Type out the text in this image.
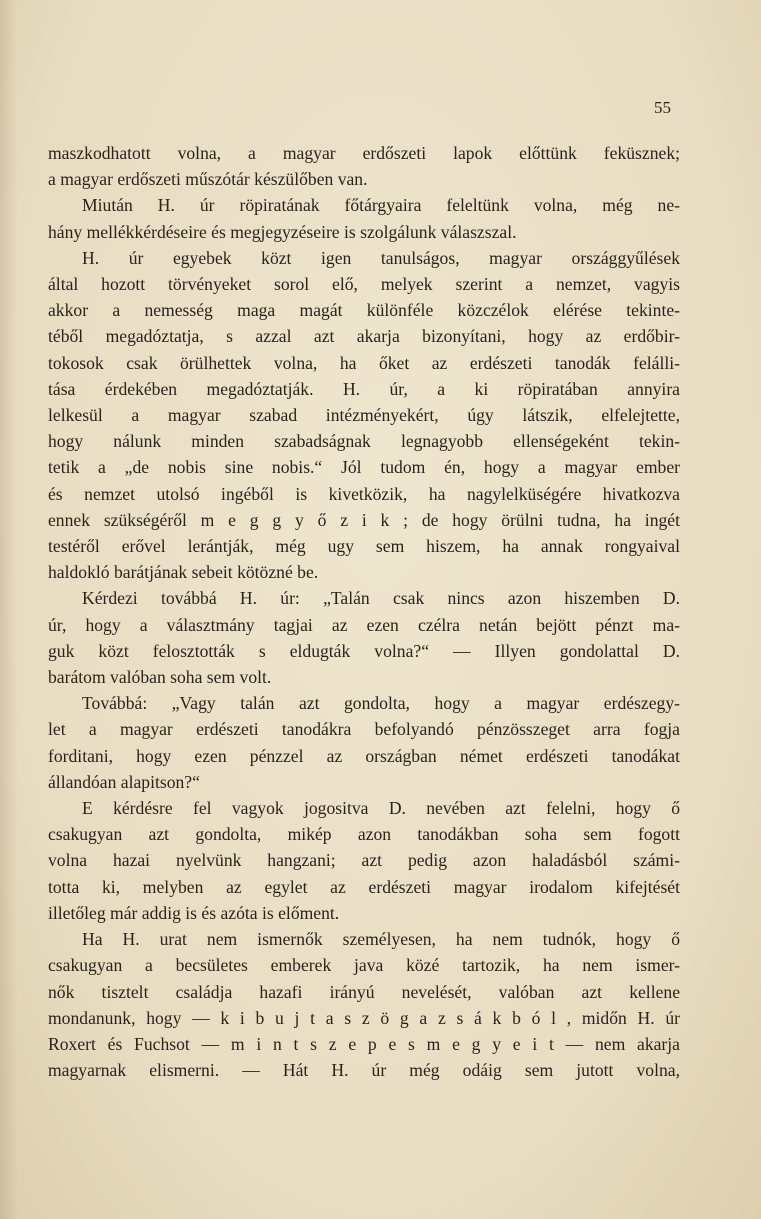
55
maszkodhatott volna, a magyar erdőszeti lapok előttünk feküsznek;
a magyar erdőszeti műszótár készülőben van.
Miután H. úr röpiratának főtárgyaira feleltünk volna, még ne-
hány mellékkérdéseire és megjegyzéseire is szolgálunk válaszszal.
H. úr egyebek közt igen tanulságos, magyar országgyűlések
által hozott törvényeket sorol elő, melyek szerint a nemzet, vagyis
akkor a nemesség maga magát különféle közczélok elérése tekinte-
téből megadóztatja, s azzal azt akarja bizonyítani, hogy az erdőbir-
tokosok csak örülhettek volna, ha őket az erdészeti tanodák felálli-
tása érdekében megadóztatják. H. úr, a ki röpiratában annyira
lelkesül a magyar szabad intézményekért, úgy látszik, elfelejtette,
hogy nálunk minden szabadságnak legnagyobb ellenségeként tekin-
tetik a „de nobis sine nobis.“ Jól tudom én, hogy a magyar ember
és nemzet utolsó ingéből is kivetközik, ha nagylelküségére hivatkozva
ennek szükségéről m e g g y ő z i k ; de hogy örülni tudna, ha ingét
testéről erővel lerántják, még ugy sem hiszem, ha annak rongyaival
haldokló barátjának sebeit kötözné be.
Kérdezi továbbá H. úr: „Talán csak nincs azon hiszemben D.
úr, hogy a választmány tagjai az ezen czélra netán bejött pénzt ma-
guk közt felosztották s eldugták volna?“ — Illyen gondolattal D.
barátom valóban soha sem volt.
Továbbá: „Vagy talán azt gondolta, hogy a magyar erdészegy-
let a magyar erdészeti tanodákra befolyandó pénzösszeget arra fogja
forditani, hogy ezen pénzzel az országban német erdészeti tanodákat
állandóan alapitson?“
E kérdésre fel vagyok jogositva D. nevében azt felelni, hogy ő
csakugyan azt gondolta, mikép azon tanodákban soha sem fogott
volna hazai nyelvünk hangzani; azt pedig azon haladásból számi-
totta ki, melyben az egylet az erdészeti magyar irodalom kifejtését
illetőleg már addig is és azóta is előment.
Ha H. urat nem ismernők személyesen, ha nem tudnók, hogy ő
csakugyan a becsületes emberek java közé tartozik, ha nem ismer-
nők tisztelt családja hazafi irányú nevelését, valóban azt kellene
mondanunk, hogy — k i b u j t a s z ö g a z s á k b ó l , midőn H. úr
Roxert és Fuchsot — m i n t s z e p e s m e g y e i t — nem akarja
magyarnak elismerni. — Hát H. úr még odáig sem jutott volna,
